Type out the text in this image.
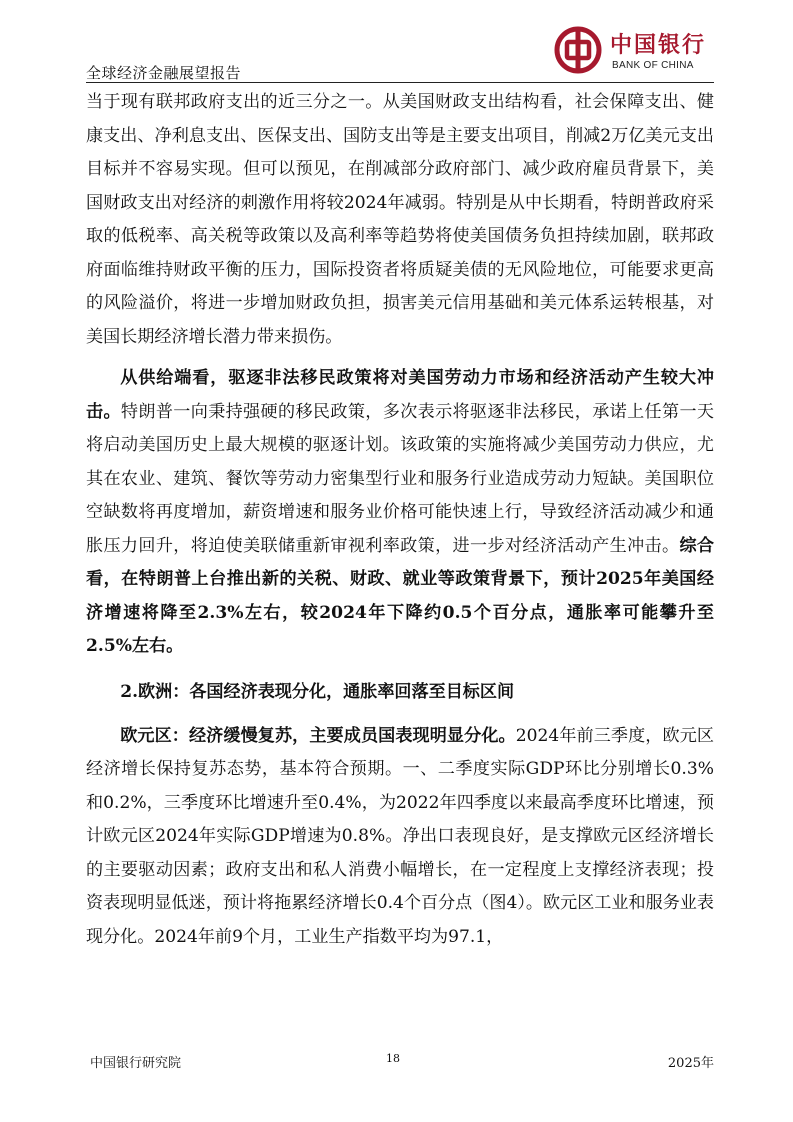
全球经济金融展望报告
中国银行
BANK OF CHINA

当于现有联邦政府支出的近三分之一。从美国财政支出结构看，社会保障支出、健康支出、净利息支出、医保支出、国防支出等是主要支出项目，削减2万亿美元支出目标并不容易实现。但可以预见，在削减部分政府部门、减少政府雇员背景下，美国财政支出对经济的刺激作用将较2024年减弱。特别是从中长期看，特朗普政府采取的低税率、高关税等政策以及高利率等趋势将使美国债务负担持续加剧，联邦政府面临维持财政平衡的压力，国际投资者将质疑美债的无风险地位，可能要求更高的风险溢价，将进一步增加财政负担，损害美元信用基础和美元体系运转根基，对美国长期经济增长潜力带来损伤。

从供给端看，驱逐非法移民政策将对美国劳动力市场和经济活动产生较大冲击。特朗普一向秉持强硬的移民政策，多次表示将驱逐非法移民，承诺上任第一天将启动美国历史上最大规模的驱逐计划。该政策的实施将减少美国劳动力供应，尤其在农业、建筑、餐饮等劳动力密集型行业和服务行业造成劳动力短缺。美国职位空缺数将再度增加，薪资增速和服务业价格可能快速上行，导致经济活动减少和通胀压力回升，将迫使美联储重新审视利率政策，进一步对经济活动产生冲击。综合看，在特朗普上台推出新的关税、财政、就业等政策背景下，预计2025年美国经济增速将降至2.3%左右，较2024年下降约0.5个百分点，通胀率可能攀升至2.5%左右。

2.欧洲：各国经济表现分化，通胀率回落至目标区间

欧元区：经济缓慢复苏，主要成员国表现明显分化。2024年前三季度，欧元区经济增长保持复苏态势，基本符合预期。一、二季度实际GDP环比分别增长0.3%和0.2%，三季度环比增速升至0.4%，为2022年四季度以来最高季度环比增速，预计欧元区2024年实际GDP增速为0.8%。净出口表现良好，是支撑欧元区经济增长的主要驱动因素；政府支出和私人消费小幅增长，在一定程度上支撑经济表现；投资表现明显低迷，预计将拖累经济增长0.4个百分点（图4）。欧元区工业和服务业表现分化。2024年前9个月，工业生产指数平均为97.1，

中国银行研究院	18	2025年
